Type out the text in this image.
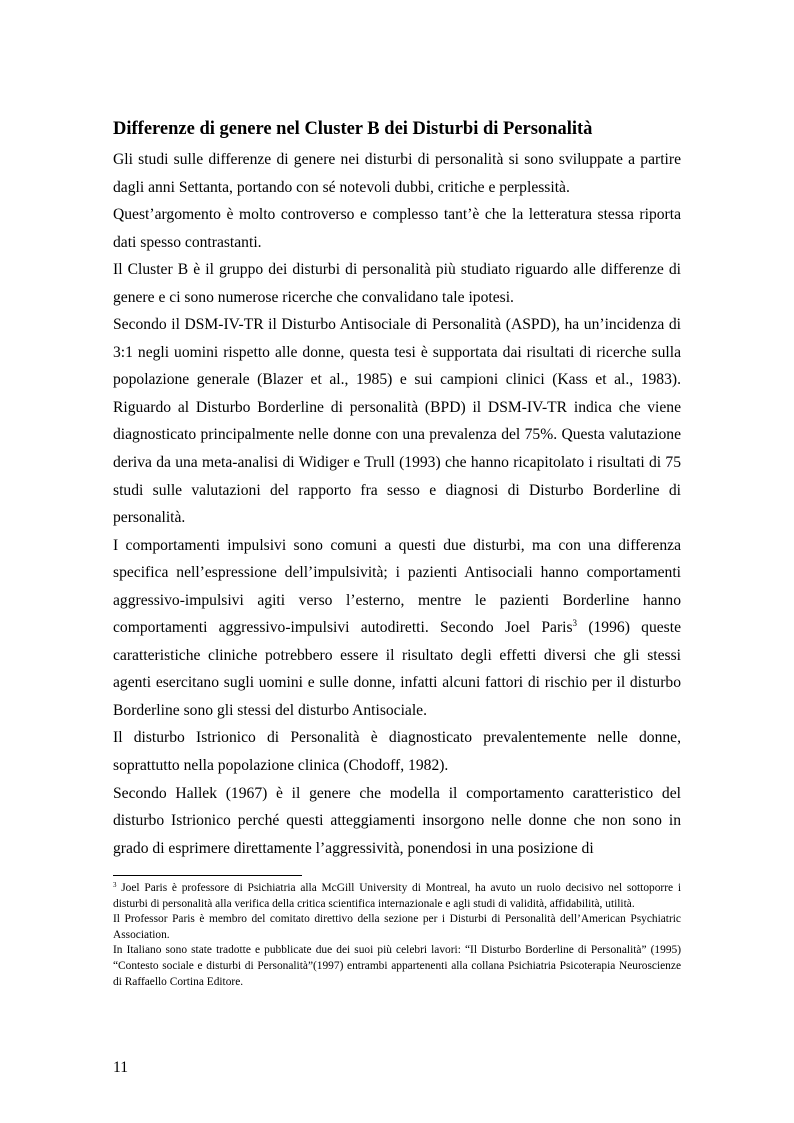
Differenze di genere nel Cluster B dei Disturbi di Personalità

Gli studi sulle differenze di genere nei disturbi di personalità si sono sviluppate a partire dagli anni Settanta, portando con sé notevoli dubbi, critiche e perplessità.

Quest’argomento è molto controverso e complesso tant’è che la letteratura stessa riporta dati spesso contrastanti.

Il Cluster B è il gruppo dei disturbi di personalità più studiato riguardo alle differenze di genere e ci sono numerose ricerche che convalidano tale ipotesi.

Secondo il DSM-IV-TR il Disturbo Antisociale di Personalità (ASPD), ha un’incidenza di 3:1 negli uomini rispetto alle donne, questa tesi è supportata dai risultati di ricerche sulla popolazione generale (Blazer et al., 1985) e sui campioni clinici (Kass et al., 1983). Riguardo al Disturbo Borderline di personalità (BPD) il DSM-IV-TR indica che viene diagnosticato principalmente nelle donne con una prevalenza del 75%. Questa valutazione deriva da una meta-analisi di Widiger e Trull (1993) che hanno ricapitolato i risultati di 75 studi sulle valutazioni del rapporto fra sesso e diagnosi di Disturbo Borderline di personalità.

I comportamenti impulsivi sono comuni a questi due disturbi, ma con una differenza specifica nell’espressione dell’impulsività; i pazienti Antisociali hanno comportamenti aggressivo-impulsivi agiti verso l’esterno, mentre le pazienti Borderline hanno comportamenti aggressivo-impulsivi autodiretti. Secondo Joel Paris$^3$ (1996) queste caratteristiche cliniche potrebbero essere il risultato degli effetti diversi che gli stessi agenti esercitano sugli uomini e sulle donne, infatti alcuni fattori di rischio per il disturbo Borderline sono gli stessi del disturbo Antisociale.

Il disturbo Istrionico di Personalità è diagnosticato prevalentemente nelle donne, soprattutto nella popolazione clinica (Chodoff, 1982).

Secondo Hallek (1967) è il genere che modella il comportamento caratteristico del disturbo Istrionico perché questi atteggiamenti insorgono nelle donne che non sono in grado di esprimere direttamente l’aggressività, ponendosi in una posizione di

$^3$ Joel Paris è professore di Psichiatria alla McGill University di Montreal, ha avuto un ruolo decisivo nel sottoporre i disturbi di personalità alla verifica della critica scientifica internazionale e agli studi di validità, affidabilità, utilità.

Il Professor Paris è membro del comitato direttivo della sezione per i Disturbi di Personalità dell’American Psychiatric Association.

In Italiano sono state tradotte e pubblicate due dei suoi più celebri lavori: “Il Disturbo Borderline di Personalità” (1995) “Contesto sociale e disturbi di Personalità”(1997) entrambi appartenenti alla collana Psichiatria Psicoterapia Neuroscienze di Raffaello Cortina Editore.

11
